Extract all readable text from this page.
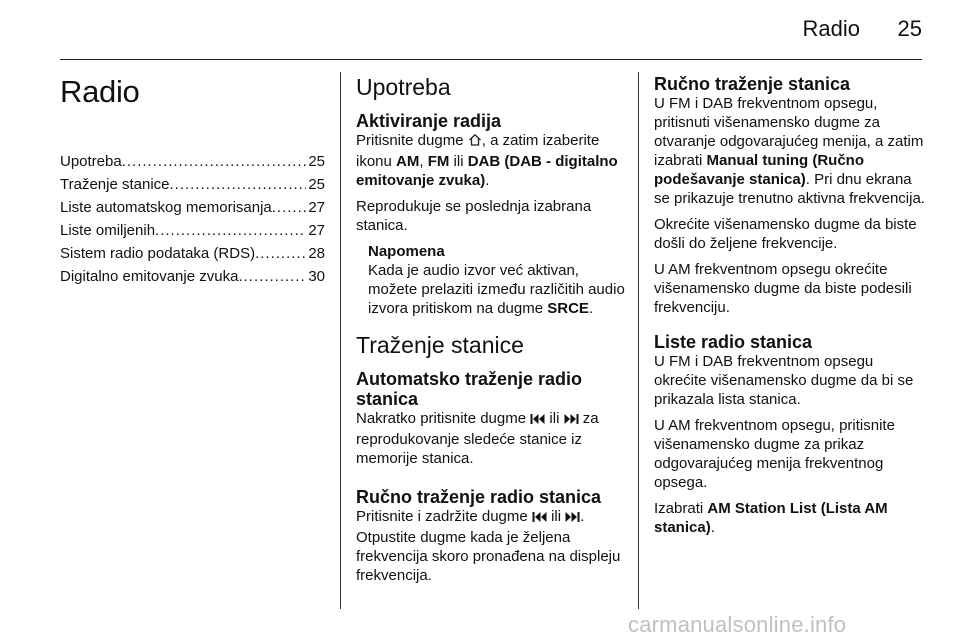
Radio	25
Radio
Upotreba .....	25
Traženje stanice .....	25
Liste automatskog memorisanja ..... 27
Liste omiljenih .....	27
Sistem radio podataka (RDS) .....	28
Digitalno emitovanje zvuka .....	30
Upotreba
Aktiviranje radija

Pritisnite dugme , a zatim izaberite ikonu AM, FM ili DAB (DAB - digitalno emitovanje zvuka).

Reprodukuje se poslednja izabrana stanica.

Napomena

Kada je audio izvor već aktivan, možete prelaziti između različitih audio izvora pritiskom na dugme SRCE.

Traženje stanice
Automatsko traženje radio stanica

Nakratko pritisnite dugme ili za reprodukovanje sledeće stanice iz memorije stanica.

Ručno traženje radio stanica

Pritisnite i zadržite dugme ili . Otpustite dugme kada je željena frekvencija skoro pronađena na displeju frekvencija.

Ručno traženje stanica

U FM i DAB frekventnom opsegu, pritisnuti višenamensko dugme za otvaranje odgovarajućeg menija, a zatim izabrati Manual tuning (Ručno podešavanje stanica). Pri dnu ekrana se prikazuje trenutno aktivna frekvencija.

Okrećite višenamensko dugme da biste došli do željene frekvencije.

U AM frekventnom opsegu okrećite višenamensko dugme da biste podesili frekvenciju.

Liste radio stanica

U FM i DAB frekventnom opsegu okrećite višenamensko dugme da bi se prikazala lista stanica.

U AM frekventnom opsegu, pritisnite višenamensko dugme za prikaz odgovarajućeg menija frekventnog opsega.

Izabrati AM Station List (Lista AM stanica).

carmanualsonline.info
